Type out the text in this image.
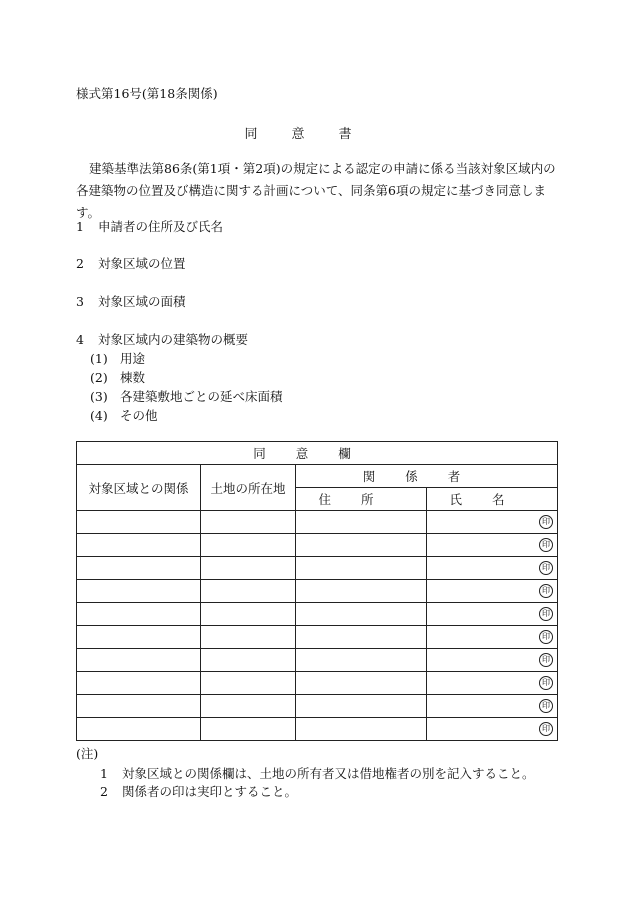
様式第16号(第18条関係)
同意書
建築基準法第86条(第1項・第2項)の規定による認定の申請に係る当該対象区域内の各建築物の位置及び構造に関する計画について、同条第6項の規定に基づき同意します。
1 申請者の住所及び氏名
2 対象区域の位置
3 対象区域の面積
4 対象区域内の建築物の概要
(1) 用途
(2) 棟数
(3) 各建築敷地ごとの延べ床面積
(4) その他
同意欄			
対象区域との関係	土地の所在地	関係者	
		住所	氏名

			印

			印

			印

			印

			印

			印

			印

			印

			印

			印
(注)
1 対象区域との関係欄は、土地の所有者又は借地権者の別を記入すること。
2 関係者の印は実印とすること。
